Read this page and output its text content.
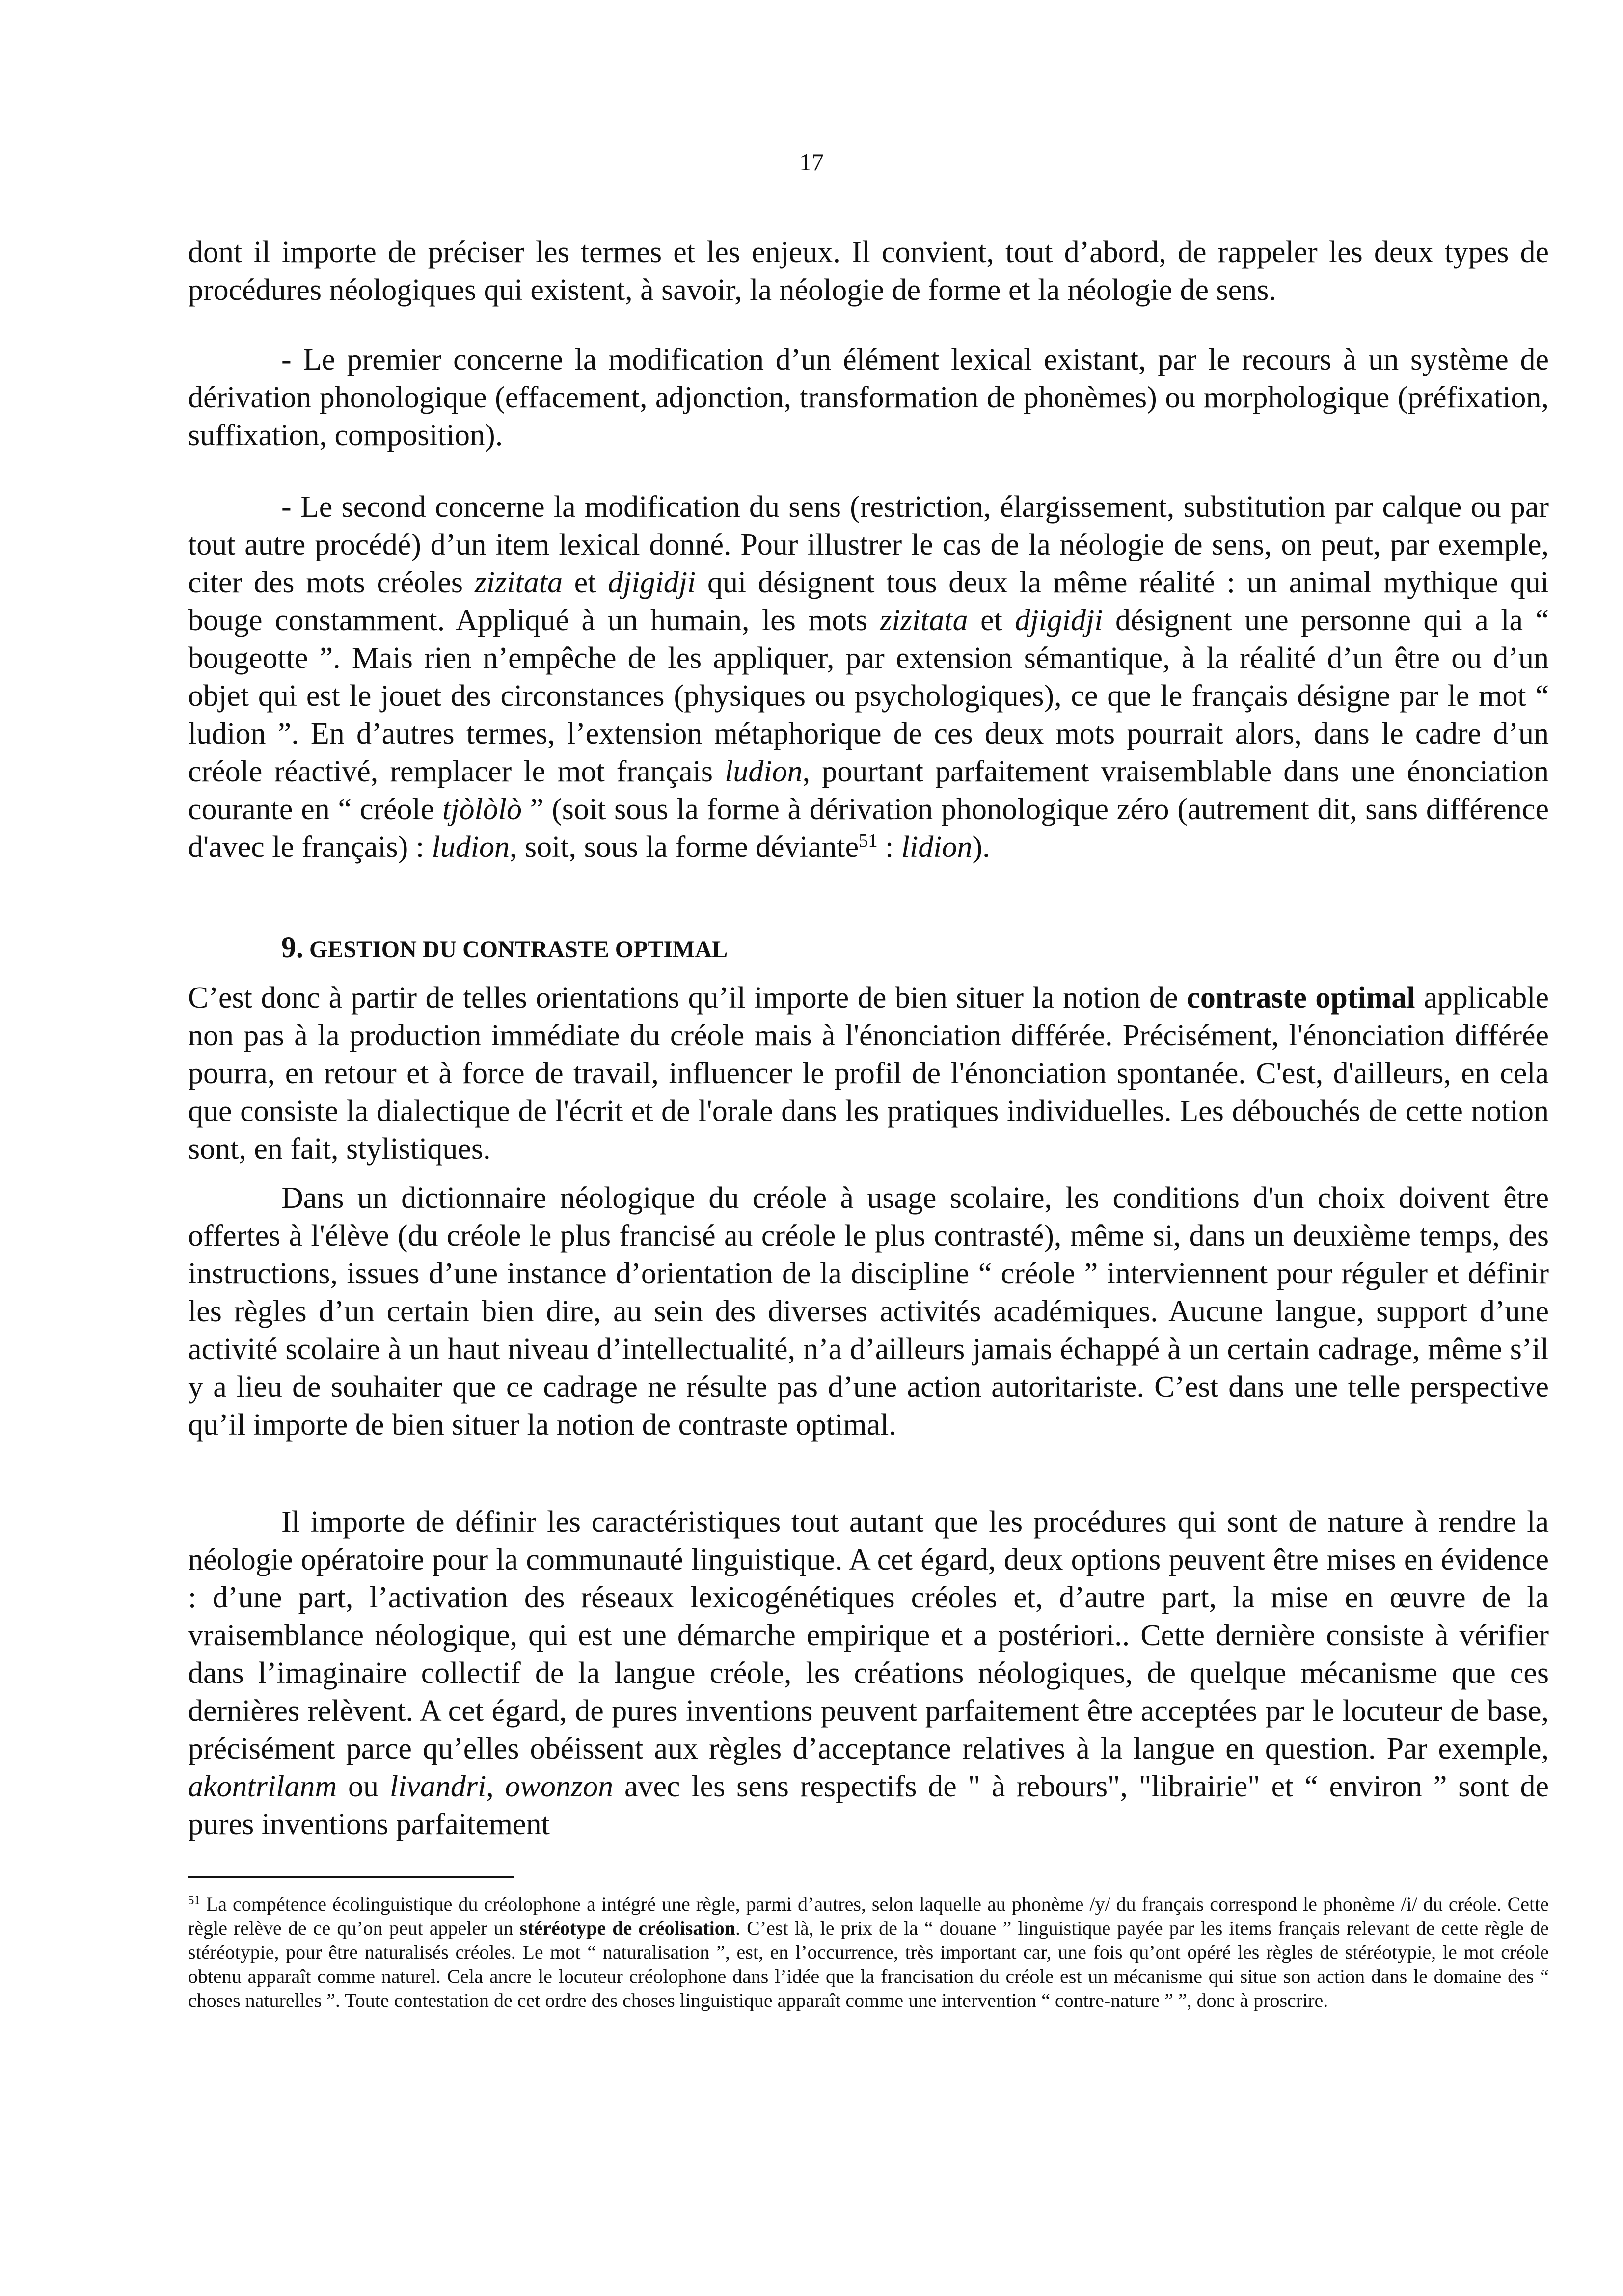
17

dont il importe de préciser les termes et les enjeux. Il convient, tout d’abord, de rappeler les deux types de procédures néologiques qui existent, à savoir, la néologie de forme et la néologie de sens.

- Le premier concerne la modification d’un élément lexical existant, par le recours à un système de dérivation phonologique (effacement, adjonction, transformation de phonèmes) ou morphologique (préfixation, suffixation, composition).

- Le second concerne la modification du sens (restriction, élargissement, substitution par calque ou par tout autre procédé) d’un item lexical donné. Pour illustrer le cas de la néologie de sens, on peut, par exemple, citer des mots créoles zizitata et djigidji qui désignent tous deux la même réalité : un animal mythique qui bouge constamment. Appliqué à un humain, les mots zizitata et djigidji désignent une personne qui a la “ bougeotte ”. Mais rien n’empêche de les appliquer, par extension sémantique, à la réalité d’un être ou d’un objet qui est le jouet des circonstances (physiques ou psychologiques), ce que le français désigne par le mot “ ludion ”. En d’autres termes, l’extension métaphorique de ces deux mots pourrait alors, dans le cadre d’un créole réactivé, remplacer le mot français ludion, pourtant parfaitement vraisemblable dans une énonciation courante en “ créole tjòlòlò ” (soit sous la forme à dérivation phonologique zéro (autrement dit, sans différence d'avec le français) : ludion, soit, sous la forme déviante$^{51}$ : lidion).

9. GESTION DU CONTRASTE OPTIMAL

C’est donc à partir de telles orientations qu’il importe de bien situer la notion de contraste optimal applicable non pas à la production immédiate du créole mais à l'énonciation différée. Précisément, l'énonciation différée pourra, en retour et à force de travail, influencer le profil de l'énonciation spontanée. C'est, d'ailleurs, en cela que consiste la dialectique de l'écrit et de l'orale dans les pratiques individuelles. Les débouchés de cette notion sont, en fait, stylistiques.

Dans un dictionnaire néologique du créole à usage scolaire, les conditions d'un choix doivent être offertes à l'élève (du créole le plus francisé au créole le plus contrasté), même si, dans un deuxième temps, des instructions, issues d’une instance d’orientation de la discipline “ créole ” interviennent pour réguler et définir les règles d’un certain bien dire, au sein des diverses activités académiques. Aucune langue, support d’une activité scolaire à un haut niveau d’intellectualité, n’a d’ailleurs jamais échappé à un certain cadrage, même s’il y a lieu de souhaiter que ce cadrage ne résulte pas d’une action autoritariste. C’est dans une telle perspective qu’il importe de bien situer la notion de contraste optimal.

Il importe de définir les caractéristiques tout autant que les procédures qui sont de nature à rendre la néologie opératoire pour la communauté linguistique. A cet égard, deux options peuvent être mises en évidence : d’une part, l’activation des réseaux lexicogénétiques créoles et, d’autre part, la mise en œuvre de la vraisemblance néologique, qui est une démarche empirique et a postériori.. Cette dernière consiste à vérifier dans l’imaginaire collectif de la langue créole, les créations néologiques, de quelque mécanisme que ces dernières relèvent. A cet égard, de pures inventions peuvent parfaitement être acceptées par le locuteur de base, précisément parce qu’elles obéissent aux règles d’acceptance relatives à la langue en question. Par exemple, akontrilanm ou livandri, owonzon avec les sens respectifs de " à rebours", "librairie" et “ environ ” sont de pures inventions parfaitement

$^{51}$ La compétence écolinguistique du créolophone a intégré une règle, parmi d’autres, selon laquelle au phonème /y/ du français correspond le phonème /i/ du créole. Cette règle relève de ce qu’on peut appeler un stéréotype de créolisation. C’est là, le prix de la “ douane ” linguistique payée par les items français relevant de cette règle de stéréotypie, pour être naturalisés créoles. Le mot “ naturalisation ”, est, en l’occurrence, très important car, une fois qu’ont opéré les règles de stéréotypie, le mot créole obtenu apparaît comme naturel. Cela ancre le locuteur créolophone dans l’idée que la francisation du créole est un mécanisme qui situe son action dans le domaine des “ choses naturelles ”. Toute contestation de cet ordre des choses linguistique apparaît comme une intervention “ contre-nature ” ”, donc à proscrire.
